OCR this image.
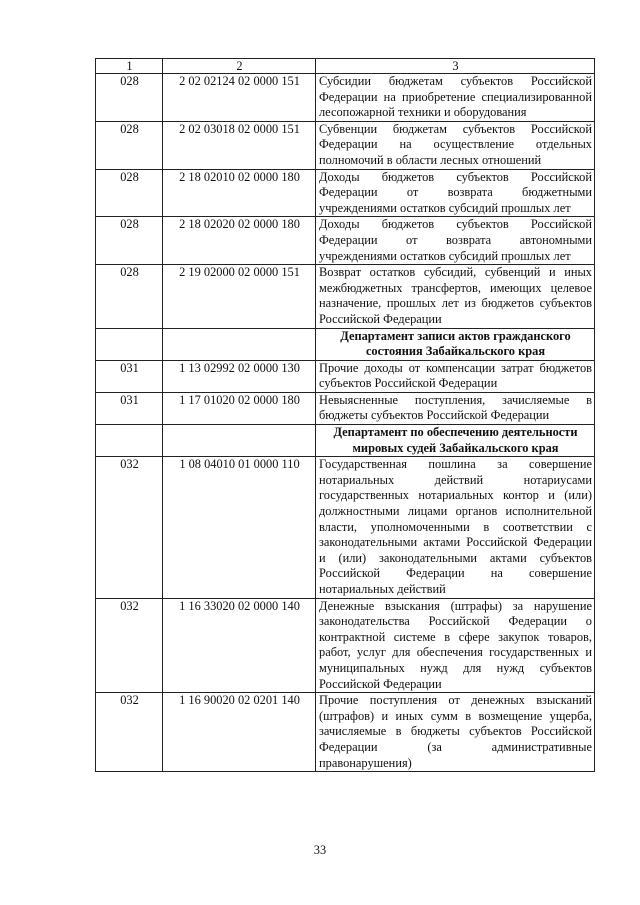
1	2	3
028	2 02 02124 02 0000 151	Субсидии бюджетам субъектов Российской Федерации на приобретение специализированной лесопожарной техники и оборудования
028	2 02 03018 02 0000 151	Субвенции бюджетам субъектов Российской Федерации на осуществление отдельных полномочий в области лесных отношений
028	2 18 02010 02 0000 180	Доходы бюджетов субъектов Российской Федерации от возврата бюджетными учреждениями остатков субсидий прошлых лет
028	2 18 02020 02 0000 180	Доходы бюджетов субъектов Российской Федерации от возврата автономными учреждениями остатков субсидий прошлых лет
028	2 19 02000 02 0000 151	Возврат остатков субсидий, субвенций и иных межбюджетных трансфертов, имеющих целевое назначение, прошлых лет из бюджетов субъектов Российской Федерации
		Департамент записи актов гражданского состояния Забайкальского края
031	1 13 02992 02 0000 130	Прочие доходы от компенсации затрат бюджетов субъектов Российской Федерации
031	1 17 01020 02 0000 180	Невыясненные поступления, зачисляемые в бюджеты субъектов Российской Федерации
		Департамент по обеспечению деятельности мировых судей Забайкальского края
032	1 08 04010 01 0000 110	Государственная пошлина за совершение нотариальных действий нотариусами государственных нотариальных контор и (или) должностными лицами органов исполнительной власти, уполномоченными в соответствии с законодательными актами Российской Федерации и (или) законодательными актами субъектов Российской Федерации на совершение нотариальных действий
032	1 16 33020 02 0000 140	Денежные взыскания (штрафы) за нарушение законодательства Российской Федерации о контрактной системе в сфере закупок товаров, работ, услуг для обеспечения государственных и муниципальных нужд для нужд субъектов Российской Федерации
032	1 16 90020 02 0201 140	Прочие поступления от денежных взысканий (штрафов) и иных сумм в возмещение ущерба, зачисляемые в бюджеты субъектов Российской Федерации (за административные правонарушения)
33
